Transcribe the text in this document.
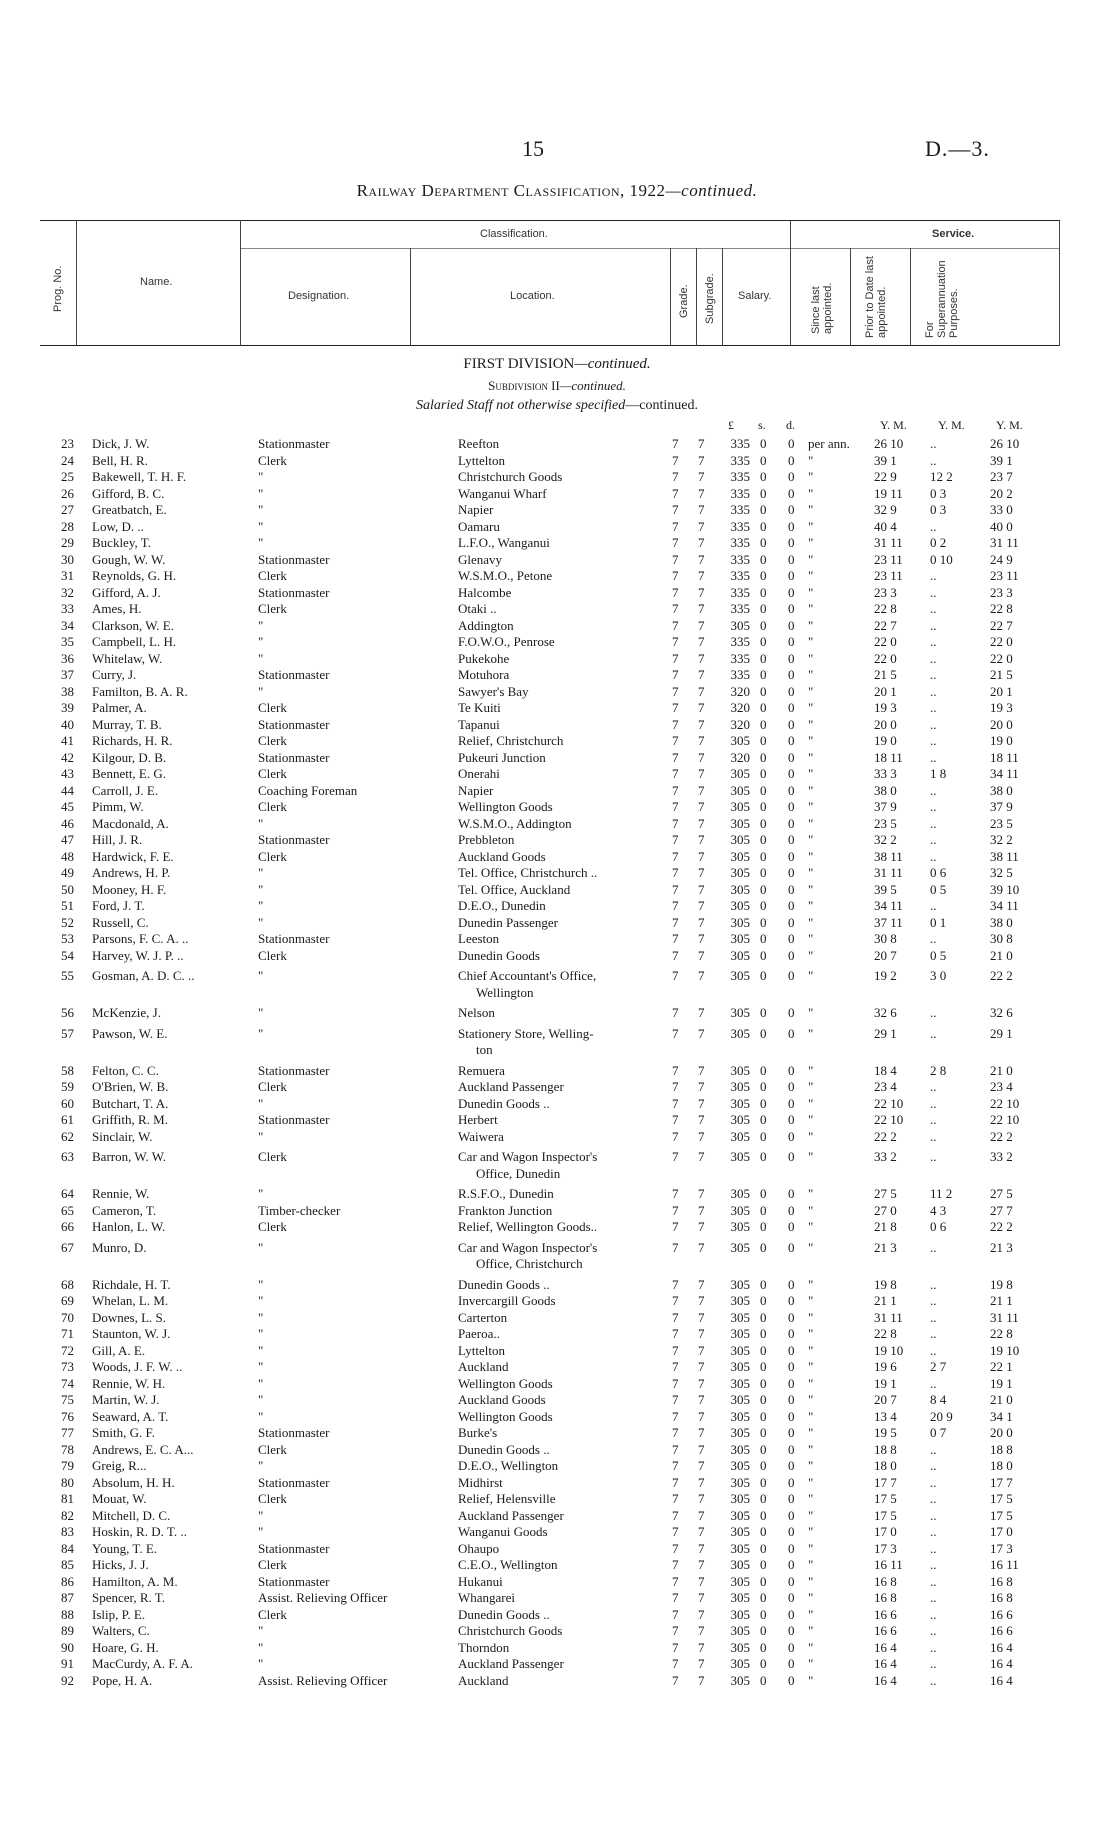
15	D.—3.
Railway Department Classification, 1922—continued.
Prog. No.	Name.
Classification.
Designation.	Location.	Grade. Subgrade. Salary.
Service.
Since last appointed.	Prior to Date last appointed.	For Superannuation Purposes.
FIRST DIVISION—continued.
Subdivision II—continued.
Salaried Staff not otherwise specified—continued.
£ s. d.	Y. M.	Y. M.	Y. M.
23 Dick, J. W.	Stationmaster	Reefton	7 7	335 0 0 per ann.	26 10	..	26 10
24 Bell, H. R.	Clerk	Lyttelton	7 7	335 0 0 "	39 1	..	39 1
25 Bakewell, T. H. F.	"	Christchurch Goods	7 7	335 0 0 "	22 9	12 2	23 7
26 Gifford, B. C.	"	Wanganui Wharf	7 7	335 0 0 "	19 11	0 3	20 2
27 Greatbatch, E.	"	Napier	7 7	335 0 0 "	32 9	0 3	33 0
28 Low, D. ..	"	Oamaru	7 7	335 0 0 "	40 4	..	40 0
29 Buckley, T.	"	L.F.O., Wanganui	7 7	335 0 0 "	31 11	0 2	31 11
30 Gough, W. W.	Stationmaster	Glenavy	7 7	335 0 0 "	23 11	0 10	24 9
31 Reynolds, G. H.	Clerk	W.S.M.O., Petone	7 7	335 0 0 "	23 11	..	23 11
32 Gifford, A. J.	Stationmaster	Halcombe	7 7	335 0 0 "	23 3	..	23 3
33 Ames, H.	Clerk	Otaki ..	7 7	335 0 0 "	22 8	..	22 8
34 Clarkson, W. E.	"	Addington	7 7	305 0 0 "	22 7	..	22 7
35 Campbell, L. H.	"	F.O.W.O., Penrose	7 7	335 0 0 "	22 0	..	22 0
36 Whitelaw, W.	"	Pukekohe	7 7	335 0 0 "	22 0	..	22 0
37 Curry, J.	Stationmaster	Motuhora	7 7	335 0 0 "	21 5	..	21 5
38 Familton, B. A. R.	"	Sawyer's Bay	7 7	320 0 0 "	20 1	..	20 1
39 Palmer, A.	Clerk	Te Kuiti	7 7	320 0 0 "	19 3	..	19 3
40 Murray, T. B.	Stationmaster	Tapanui	7 7	320 0 0 "	20 0	..	20 0
41 Richards, H. R.	Clerk	Relief, Christchurch	7 7	305 0 0 "	19 0	..	19 0
42 Kilgour, D. B.	Stationmaster	Pukeuri Junction	7 7	320 0 0 "	18 11	..	18 11
43 Bennett, E. G.	Clerk	Onerahi	7 7	305 0 0 "	33 3	1 8	34 11
44 Carroll, J. E.	Coaching Foreman	Napier	7 7	305 0 0 "	38 0	..	38 0
45 Pimm, W.	Clerk	Wellington Goods	7 7	305 0 0 "	37 9	..	37 9
46 Macdonald, A.	"	W.S.M.O., Addington	7 7	305 0 0 "	23 5	..	23 5
47 Hill, J. R.	Stationmaster	Prebbleton	7 7	305 0 0 "	32 2	..	32 2
48 Hardwick, F. E.	Clerk	Auckland Goods	7 7	305 0 0 "	38 11	..	38 11
49 Andrews, H. P.	"	Tel. Office, Christchurch ..	7 7	305 0 0 "	31 11	0 6	32 5
50 Mooney, H. F.	"	Tel. Office, Auckland	7 7	305 0 0 "	39 5	0 5	39 10
51 Ford, J. T.	"	D.E.O., Dunedin	7 7	305 0 0 "	34 11	..	34 11
52 Russell, C.	"	Dunedin Passenger	7 7	305 0 0 "	37 11	0 1	38 0
53 Parsons, F. C. A. ..	Stationmaster	Leeston	7 7	305 0 0 "	30 8	..	30 8
54 Harvey, W. J. P. ..	Clerk	Dunedin Goods	7 7	305 0 0 "	20 7	0 5	21 0
55 Gosman, A. D. C. ..	"	Chief Accountant's Office,	7 7	305 0 0 "	19 2	3 0	22 2
Wellington
56 McKenzie, J.	"	Nelson	7 7	305 0 0 "	32 6	..	32 6
57 Pawson, W. E.	"	Stationery Store, Welling-	7 7	305 0 0 "	29 1	..	29 1
ton
58 Felton, C. C.	Stationmaster	Remuera	7 7	305 0 0 "	18 4	2 8	21 0
59 O'Brien, W. B.	Clerk	Auckland Passenger	7 7	305 0 0 "	23 4	..	23 4
60 Butchart, T. A.	"	Dunedin Goods ..	7 7	305 0 0 "	22 10	..	22 10
61 Griffith, R. M.	Stationmaster	Herbert	7 7	305 0 0 "	22 10	..	22 10
62 Sinclair, W.	"	Waiwera	7 7	305 0 0 "	22 2	..	22 2
63 Barron, W. W.	Clerk	Car and Wagon Inspector's	7 7	305 0 0 "	33 2	..	33 2
Office, Dunedin
64 Rennie, W.	"	R.S.F.O., Dunedin	7 7	305 0 0 "	27 5	11 2	27 5
65 Cameron, T.	Timber-checker	Frankton Junction	7 7	305 0 0 "	27 0	4 3	27 7
66 Hanlon, L. W.	Clerk	Relief, Wellington Goods..	7 7	305 0 0 "	21 8	0 6	22 2
67 Munro, D.	"	Car and Wagon Inspector's	7 7	305 0 0 "	21 3	..	21 3
Office, Christchurch
68 Richdale, H. T.	"	Dunedin Goods ..	7 7	305 0 0 "	19 8	..	19 8
69 Whelan, L. M.	"	Invercargill Goods	7 7	305 0 0 "	21 1	..	21 1
70 Downes, L. S.	"	Carterton	7 7	305 0 0 "	31 11	..	31 11
71 Staunton, W. J.	"	Paeroa..	7 7	305 0 0 "	22 8	..	22 8
72 Gill, A. E.	"	Lyttelton	7 7	305 0 0 "	19 10	..	19 10
73 Woods, J. F. W. ..	"	Auckland	7 7	305 0 0 "	19 6	2 7	22 1
74 Rennie, W. H.	"	Wellington Goods	7 7	305 0 0 "	19 1	..	19 1
75 Martin, W. J.	"	Auckland Goods	7 7	305 0 0 "	20 7	8 4	21 0
76 Seaward, A. T.	"	Wellington Goods	7 7	305 0 0 "	13 4	20 9	34 1
77 Smith, G. F.	Stationmaster	Burke's	7 7	305 0 0 "	19 5	0 7	20 0
78 Andrews, E. C. A...	Clerk	Dunedin Goods ..	7 7	305 0 0 "	18 8	..	18 8
79 Greig, R...	"	D.E.O., Wellington	7 7	305 0 0 "	18 0	..	18 0
80 Absolum, H. H.	Stationmaster	Midhirst	7 7	305 0 0 "	17 7	..	17 7
81 Mouat, W.	Clerk	Relief, Helensville	7 7	305 0 0 "	17 5	..	17 5
82 Mitchell, D. C.	"	Auckland Passenger	7 7	305 0 0 "	17 5	..	17 5
83 Hoskin, R. D. T. ..	"	Wanganui Goods	7 7	305 0 0 "	17 0	..	17 0
84 Young, T. E.	Stationmaster	Ohaupo	7 7	305 0 0 "	17 3	..	17 3
85 Hicks, J. J.	Clerk	C.E.O., Wellington	7 7	305 0 0 "	16 11	..	16 11
86 Hamilton, A. M.	Stationmaster	Hukanui	7 7	305 0 0 "	16 8	..	16 8
87 Spencer, R. T.	Assist. Relieving Officer	Whangarei	7 7	305 0 0 "	16 8	..	16 8
88 Islip, P. E.	Clerk	Dunedin Goods ..	7 7	305 0 0 "	16 6	..	16 6
89 Walters, C.	"	Christchurch Goods	7 7	305 0 0 "	16 6	..	16 6
90 Hoare, G. H.	"	Thorndon	7 7	305 0 0 "	16 4	..	16 4
91 MacCurdy, A. F. A.	"	Auckland Passenger	7 7	305 0 0 "	16 4	..	16 4
92 Pope, H. A.	Assist. Relieving Officer	Auckland	7 7	305 0 0 "	16 4	..	16 4
